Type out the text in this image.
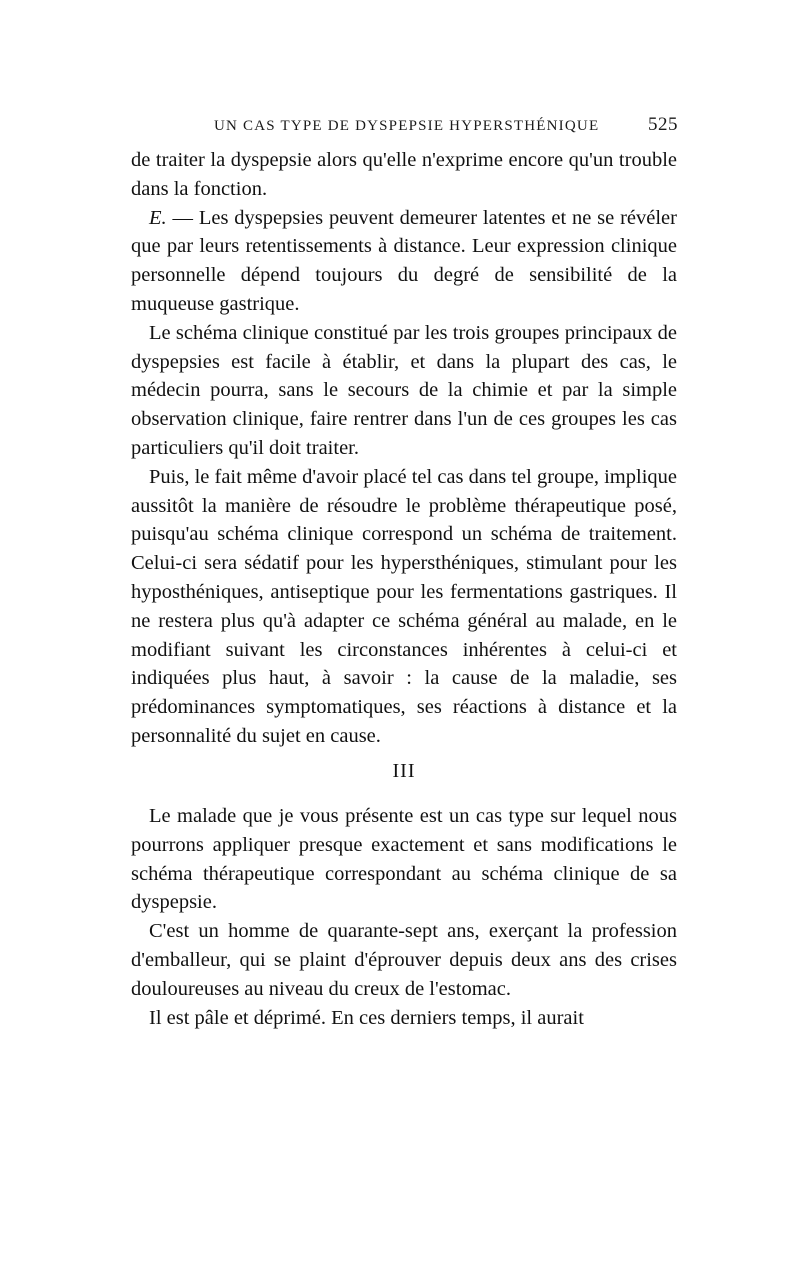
UN CAS TYPE DE DYSPEPSIE HYPERSTHÉNIQUE	525

de traiter la dyspepsie alors qu'elle n'exprime encore qu'un trouble dans la fonction.

E. — Les dyspepsies peuvent demeurer latentes et ne se révéler que par leurs retentissements à distance. Leur expression clinique personnelle dépend toujours du degré de sensibilité de la muqueuse gastrique.

Le schéma clinique constitué par les trois groupes principaux de dyspepsies est facile à établir, et dans la plupart des cas, le médecin pourra, sans le secours de la chimie et par la simple observation clinique, faire rentrer dans l'un de ces groupes les cas particuliers qu'il doit traiter.

Puis, le fait même d'avoir placé tel cas dans tel groupe, implique aussitôt la manière de résoudre le problème thérapeutique posé, puisqu'au schéma clinique correspond un schéma de traitement. Celui-ci sera sédatif pour les hypersthéniques, stimulant pour les hyposthéniques, antiseptique pour les fermentations gastriques. Il ne restera plus qu'à adapter ce schéma général au malade, en le modifiant suivant les circonstances inhérentes à celui-ci et indiquées plus haut, à savoir : la cause de la maladie, ses prédominances symptomatiques, ses réactions à distance et la personnalité du sujet en cause.

III

Le malade que je vous présente est un cas type sur lequel nous pourrons appliquer presque exactement et sans modifications le schéma thérapeutique correspondant au schéma clinique de sa dyspepsie.

C'est un homme de quarante-sept ans, exerçant la profession d'emballeur, qui se plaint d'éprouver depuis deux ans des crises douloureuses au niveau du creux de l'estomac.

Il est pâle et déprimé. En ces derniers temps, il aurait
